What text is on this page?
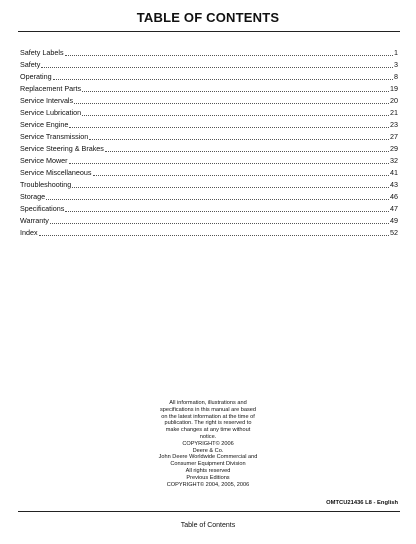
TABLE OF CONTENTS
Safety Labels	1
Safety	3
Operating	8
Replacement Parts	19
Service Intervals	20
Service Lubrication	21
Service Engine	23
Service Transmission	27
Service Steering & Brakes	29
Service Mower	32
Service Miscellaneous	41
Troubleshooting	43
Storage	46
Specifications	47
Warranty	49
Index	52
All information, illustrations and
specifications in this manual are based
on the latest information at the time of
publication. The right is reserved to
make changes at any time without
notice.
COPYRIGHT© 2006
Deere & Co.
John Deere Worldwide Commercial and
Consumer Equipment Division
All rights reserved
Previous Editions
COPYRIGHT© 2004, 2005, 2006
OMTCU21436 L8 - English
Table of Contents
